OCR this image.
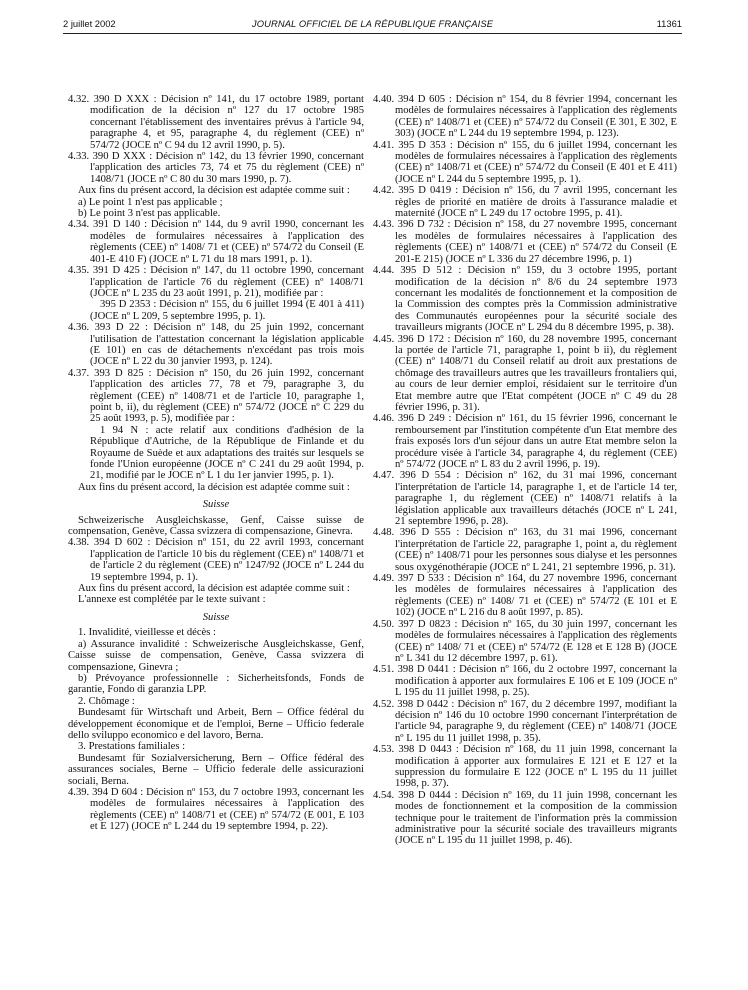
2 juillet 2002	JOURNAL OFFICIEL DE LA RÉPUBLIQUE FRANÇAISE	11361

4.32. 390 D XXX : Décision nº 141, du 17 octobre 1989, portant modification de la décision nº 127 du 17 octobre 1985 concernant l'établissement des inventaires prévus à l'article 94, paragraphe 4, et 95, paragraphe 4, du règlement (CEE) nº 574/72 (JOCE nº C 94 du 12 avril 1990, p. 5).

4.33. 390 D XXX : Décision nº 142, du 13 février 1990, concernant l'application des articles 73, 74 et 75 du règlement (CEE) nº 1408/71 (JOCE nº C 80 du 30 mars 1990, p. 7).

Aux fins du présent accord, la décision est adaptée comme suit :

a) Le point 1 n'est pas applicable ;

b) Le point 3 n'est pas applicable.

4.34. 391 D 140 : Décision nº 144, du 9 avril 1990, concernant les modèles de formulaires nécessaires à l'application des règlements (CEE) nº 1408/ 71 et (CEE) nº 574/72 du Conseil (E 401-E 410 F) (JOCE nº L 71 du 18 mars 1991, p. 1).

4.35. 391 D 425 : Décision nº 147, du 11 octobre 1990, concernant l'application de l'article 76 du règlement (CEE) nº 1408/71 (JOCE nº L 235 du 23 août 1991, p. 21), modifiée par :

395 D 2353 : Décision nº 155, du 6 juillet 1994 (E 401 à 411) (JOCE nº L 209, 5 septembre 1995, p. 1).

4.36. 393 D 22 : Décision nº 148, du 25 juin 1992, concernant l'utilisation de l'attestation concernant la législation applicable (E 101) en cas de détachements n'excédant pas trois mois (JOCE nº L 22 du 30 janvier 1993, p. 124).

4.37. 393 D 825 : Décision nº 150, du 26 juin 1992, concernant l'application des articles 77, 78 et 79, paragraphe 3, du règlement (CEE) nº 1408/71 et de l'article 10, paragraphe 1, point b, ii), du règlement (CEE) nº 574/72 (JOCE nº C 229 du 25 août 1993, p. 5), modifiée par :

1 94 N : acte relatif aux conditions d'adhésion de la République d'Autriche, de la République de Finlande et du Royaume de Suède et aux adaptations des traités sur lesquels se fonde l'Union européenne (JOCE nº C 241 du 29 août 1994, p. 21, modifié par le JOCE nº L 1 du 1er janvier 1995, p. 1).

Aux fins du présent accord, la décision est adaptée comme suit :

Suisse

Schweizerische Ausgleichskasse, Genf, Caisse suisse de compensation, Genève, Cassa svizzera di compensazione, Ginevra.

4.38. 394 D 602 : Décision nº 151, du 22 avril 1993, concernant l'application de l'article 10 bis du règlement (CEE) nº 1408/71 et de l'article 2 du règlement (CEE) nº 1247/92 (JOCE nº L 244 du 19 septembre 1994, p. 1).

Aux fins du présent accord, la décision est adaptée comme suit :

L'annexe est complétée par le texte suivant :

Suisse

1. Invalidité, vieillesse et décès :

a) Assurance invalidité : Schweizerische Ausgleichskasse, Genf, Caisse suisse de compensation, Genève, Cassa svizzera di compensazione, Ginevra ;

b) Prévoyance professionnelle : Sicherheitsfonds, Fonds de garantie, Fondo di garanzia LPP.

2. Chômage :

Bundesamt für Wirtschaft und Arbeit, Bern – Office fédéral du développement économique et de l'emploi, Berne – Ufficio federale dello sviluppo economico e del lavoro, Berna.

3. Prestations familiales :

Bundesamt für Sozialversicherung, Bern – Office fédéral des assurances sociales, Berne – Ufficio federale delle assicurazioni sociali, Berna.

4.39. 394 D 604 : Décision nº 153, du 7 octobre 1993, concernant les modèles de formulaires nécessaires à l'application des règlements (CEE) nº 1408/71 et (CEE) nº 574/72 (E 001, E 103 et E 127) (JOCE nº L 244 du 19 septembre 1994, p. 22).

4.40. 394 D 605 : Décision nº 154, du 8 février 1994, concernant les modèles de formulaires nécessaires à l'application des règlements (CEE) nº 1408/71 et (CEE) nº 574/72 du Conseil (E 301, E 302, E 303) (JOCE nº L 244 du 19 septembre 1994, p. 123).

4.41. 395 D 353 : Décision nº 155, du 6 juillet 1994, concernant les modèles de formulaires nécessaires à l'application des règlements (CEE) nº 1408/71 et (CEE) nº 574/72 du Conseil (E 401 et E 411) (JOCE nº L 244 du 5 septembre 1995, p. 1).

4.42. 395 D 0419 : Décision nº 156, du 7 avril 1995, concernant les règles de priorité en matière de droits à l'assurance maladie et maternité (JOCE nº L 249 du 17 octobre 1995, p. 41).

4.43. 396 D 732 : Décision nº 158, du 27 novembre 1995, concernant les modèles de formulaires nécessaires à l'application des règlements (CEE) nº 1408/71 et (CEE) nº 574/72 du Conseil (E 201-E 215) (JOCE nº L 336 du 27 décembre 1996, p. 1)

4.44. 395 D 512 : Décision nº 159, du 3 octobre 1995, portant modification de la décision nº 8/6 du 24 septembre 1973 concernant les modalités de fonctionnement et la composition de la Commission des comptes près la Commission administrative des Communautés européennes pour la sécurité sociale des travailleurs migrants (JOCE nº L 294 du 8 décembre 1995, p. 38).

4.45. 396 D 172 : Décision nº 160, du 28 novembre 1995, concernant la portée de l'article 71, paragraphe 1, point b ii), du règlement (CEE) nº 1408/71 du Conseil relatif au droit aux prestations de chômage des travailleurs autres que les travailleurs frontaliers qui, au cours de leur dernier emploi, résidaient sur le territoire d'un Etat membre autre que l'Etat compétent (JOCE nº C 49 du 28 février 1996, p. 31).

4.46. 396 D 249 : Décision nº 161, du 15 février 1996, concernant le remboursement par l'institution compétente d'un Etat membre des frais exposés lors d'un séjour dans un autre Etat membre selon la procédure visée à l'article 34, paragraphe 4, du règlement (CEE) nº 574/72 (JOCE nº L 83 du 2 avril 1996, p. 19).

4.47. 396 D 554 : Décision nº 162, du 31 mai 1996, concernant l'interprétation de l'article 14, paragraphe 1, et de l'article 14 ter, paragraphe 1, du règlement (CEE) nº 1408/71 relatifs à la législation applicable aux travailleurs détachés (JOCE nº L 241, 21 septembre 1996, p. 28).

4.48. 396 D 555 : Décision nº 163, du 31 mai 1996, concernant l'interprétation de l'article 22, paragraphe 1, point a, du règlement (CEE) nº 1408/71 pour les personnes sous dialyse et les personnes sous oxygénothérapie (JOCE nº L 241, 21 septembre 1996, p. 31).

4.49. 397 D 533 : Décision nº 164, du 27 novembre 1996, concernant les modèles de formulaires nécessaires à l'application des règlements (CEE) nº 1408/ 71 et (CEE) nº 574/72 (E 101 et E 102) (JOCE nº L 216 du 8 août 1997, p. 85).

4.50. 397 D 0823 : Décision nº 165, du 30 juin 1997, concernant les modèles de formulaires nécessaires à l'application des règlements (CEE) nº 1408/ 71 et (CEE) nº 574/72 (E 128 et E 128 B) (JOCE nº L 341 du 12 décembre 1997, p. 61).

4.51. 398 D 0441 : Décision nº 166, du 2 octobre 1997, concernant la modification à apporter aux formulaires E 106 et E 109 (JOCE nº L 195 du 11 juillet 1998, p. 25).

4.52. 398 D 0442 : Décision nº 167, du 2 décembre 1997, modifiant la décision nº 146 du 10 octobre 1990 concernant l'interprétation de l'article 94, paragraphe 9, du règlement (CEE) nº 1408/71 (JOCE nº L 195 du 11 juillet 1998, p. 35).

4.53. 398 D 0443 : Décision nº 168, du 11 juin 1998, concernant la modification à apporter aux formulaires E 121 et E 127 et la suppression du formulaire E 122 (JOCE nº L 195 du 11 juillet 1998, p. 37).

4.54. 398 D 0444 : Décision nº 169, du 11 juin 1998, concernant les modes de fonctionnement et la composition de la commission technique pour le traitement de l'information près la commission administrative pour la sécurité sociale des travailleurs migrants (JOCE nº L 195 du 11 juillet 1998, p. 46).
